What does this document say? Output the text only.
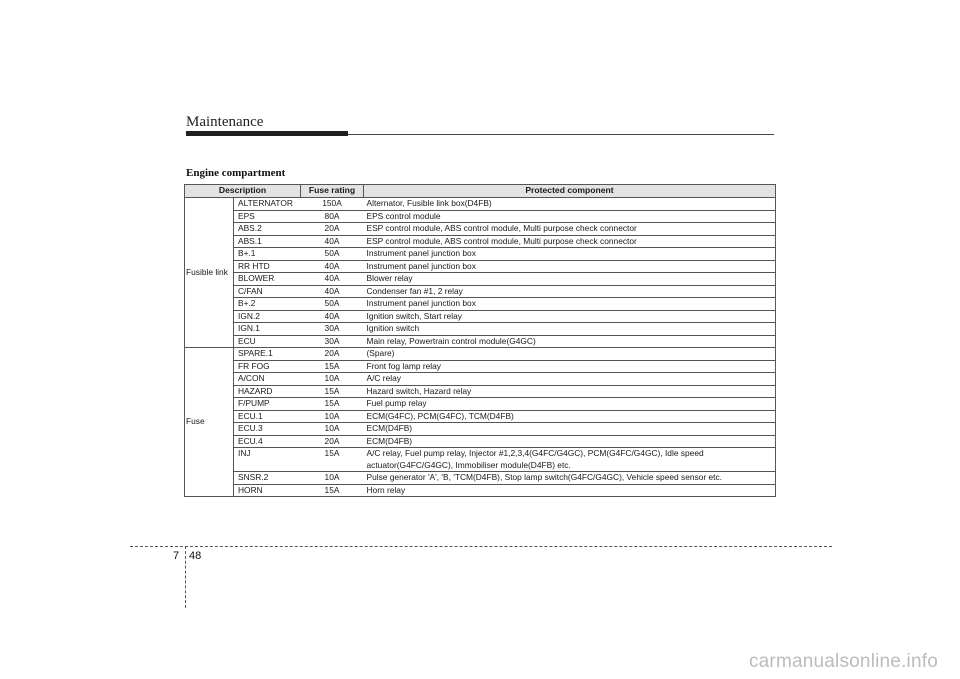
Maintenance
Engine compartment
Description		Fuse rating	Protected component
Fusible link	ALTERNATOR	150A	Alternator, Fusible link box(D4FB)
	EPS	80A	EPS control module
	ABS.2	20A	ESP control module, ABS control module, Multi purpose check connector
	ABS.1	40A	ESP control module, ABS control module, Multi purpose check connector
	B+.1	50A	Instrument panel junction box
	RR HTD	40A	Instrument panel junction box
	BLOWER	40A	Blower relay
	C/FAN	40A	Condenser fan #1, 2 relay
	B+.2	50A	Instrument panel junction box
	IGN.2	40A	Ignition switch, Start relay
	IGN.1	30A	Ignition switch
	ECU	30A	Main relay, Powertrain control module(G4GC)
Fuse	SPARE.1	20A	(Spare)
	FR FOG	15A	Front fog lamp relay
	A/CON	10A	A/C relay
	HAZARD	15A	Hazard switch, Hazard relay
	F/PUMP	15A	Fuel pump relay
	ECU.1	10A	ECM(G4FC), PCM(G4FC), TCM(D4FB)
	ECU.3	10A	ECM(D4FB)
	ECU.4	20A	ECM(D4FB)
	INJ	15A	A/C relay, Fuel pump relay, Injector #1,2,3,4(G4FC/G4GC), PCM(G4FC/G4GC), Idle speed actuator(G4FC/G4GC), Immobiliser module(D4FB) etc.
	SNSR.2	10A	Pulse generator 'A', 'B, 'TCM(D4FB), Stop lamp switch(G4FC/G4GC), Vehicle speed sensor etc.
	HORN	15A	Horn relay
7 48
carmanualsonline.info
